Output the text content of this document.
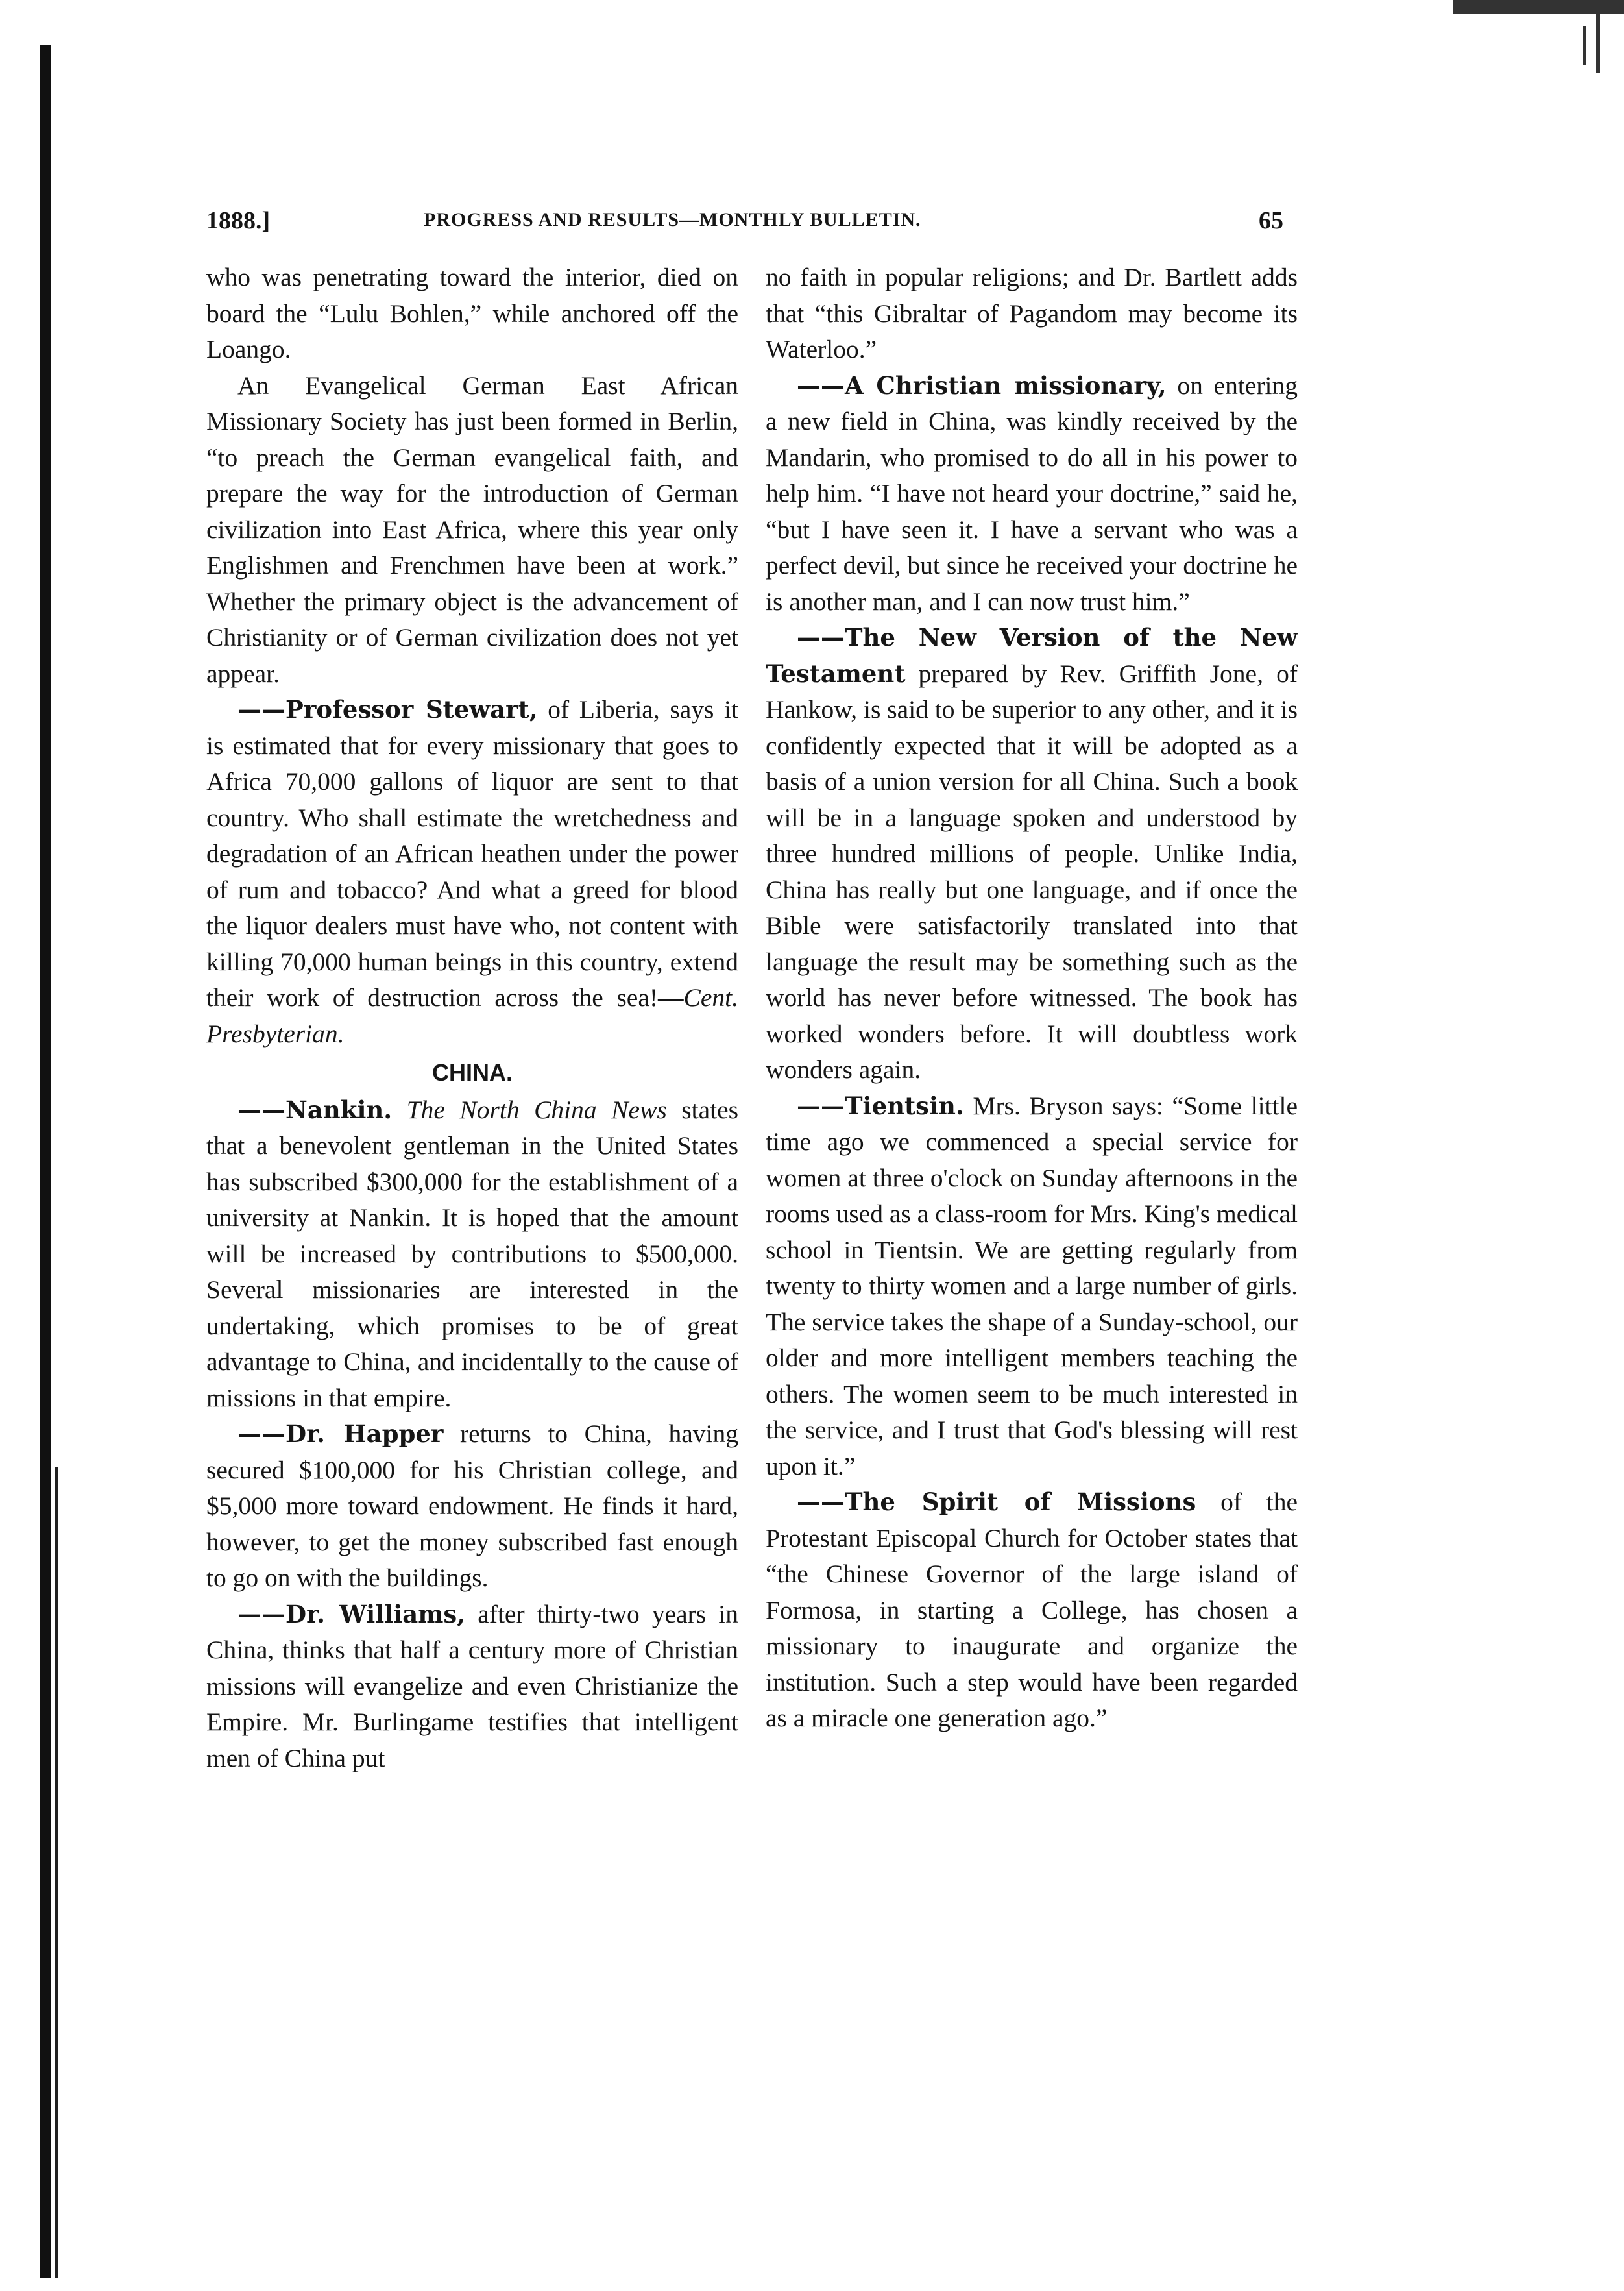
1888.]	PROGRESS AND RESULTS—MONTHLY BULLETIN.	65

who was penetrating toward the interior, died on board the “Lulu Bohlen,” while anchored off the Loango.

An Evangelical German East African Missionary Society has just been formed in Berlin, “to preach the German evangelical faith, and prepare the way for the introduction of German civilization into East Africa, where this year only Englishmen and Frenchmen have been at work.” Whether the primary object is the advancement of Christianity or of German civilization does not yet appear.

——Professor Stewart, of Liberia, says it is estimated that for every missionary that goes to Africa 70,000 gallons of liquor are sent to that country. Who shall estimate the wretchedness and degradation of an African heathen under the power of rum and tobacco? And what a greed for blood the liquor dealers must have who, not content with killing 70,000 human beings in this country, extend their work of destruction across the sea!—Cent. Presbyterian.

CHINA.

——Nankin. The North China News states that a benevolent gentleman in the United States has subscribed $300,000 for the establishment of a university at Nankin. It is hoped that the amount will be increased by contributions to $500,000. Several missionaries are interested in the undertaking, which promises to be of great advantage to China, and incidentally to the cause of missions in that empire.

——Dr. Happer returns to China, having secured $100,000 for his Christian college, and $5,000 more toward endowment. He finds it hard, however, to get the money subscribed fast enough to go on with the buildings.

——Dr. Williams, after thirty-two years in China, thinks that half a century more of Christian missions will evangelize and even Christianize the Empire. Mr. Burlingame testifies that intelligent men of China put

no faith in popular religions; and Dr. Bartlett adds that “this Gibraltar of Pagandom may become its Waterloo.”

——A Christian missionary, on entering a new field in China, was kindly received by the Mandarin, who promised to do all in his power to help him. “I have not heard your doctrine,” said he, “but I have seen it. I have a servant who was a perfect devil, but since he received your doctrine he is another man, and I can now trust him.”

——The New Version of the New Testament prepared by Rev. Griffith Jone, of Hankow, is said to be superior to any other, and it is confidently expected that it will be adopted as a basis of a union version for all China. Such a book will be in a language spoken and understood by three hundred millions of people. Unlike India, China has really but one language, and if once the Bible were satisfactorily translated into that language the result may be something such as the world has never before witnessed. The book has worked wonders before. It will doubtless work wonders again.

——Tientsin. Mrs. Bryson says: “Some little time ago we commenced a special service for women at three o'clock on Sunday afternoons in the rooms used as a class-room for Mrs. King's medical school in Tientsin. We are getting regularly from twenty to thirty women and a large number of girls. The service takes the shape of a Sunday-school, our older and more intelligent members teaching the others. The women seem to be much interested in the service, and I trust that God's blessing will rest upon it.”

——The Spirit of Missions of the Protestant Episcopal Church for October states that “the Chinese Governor of the large island of Formosa, in starting a College, has chosen a missionary to inaugurate and organize the institution. Such a step would have been regarded as a miracle one generation ago.”
